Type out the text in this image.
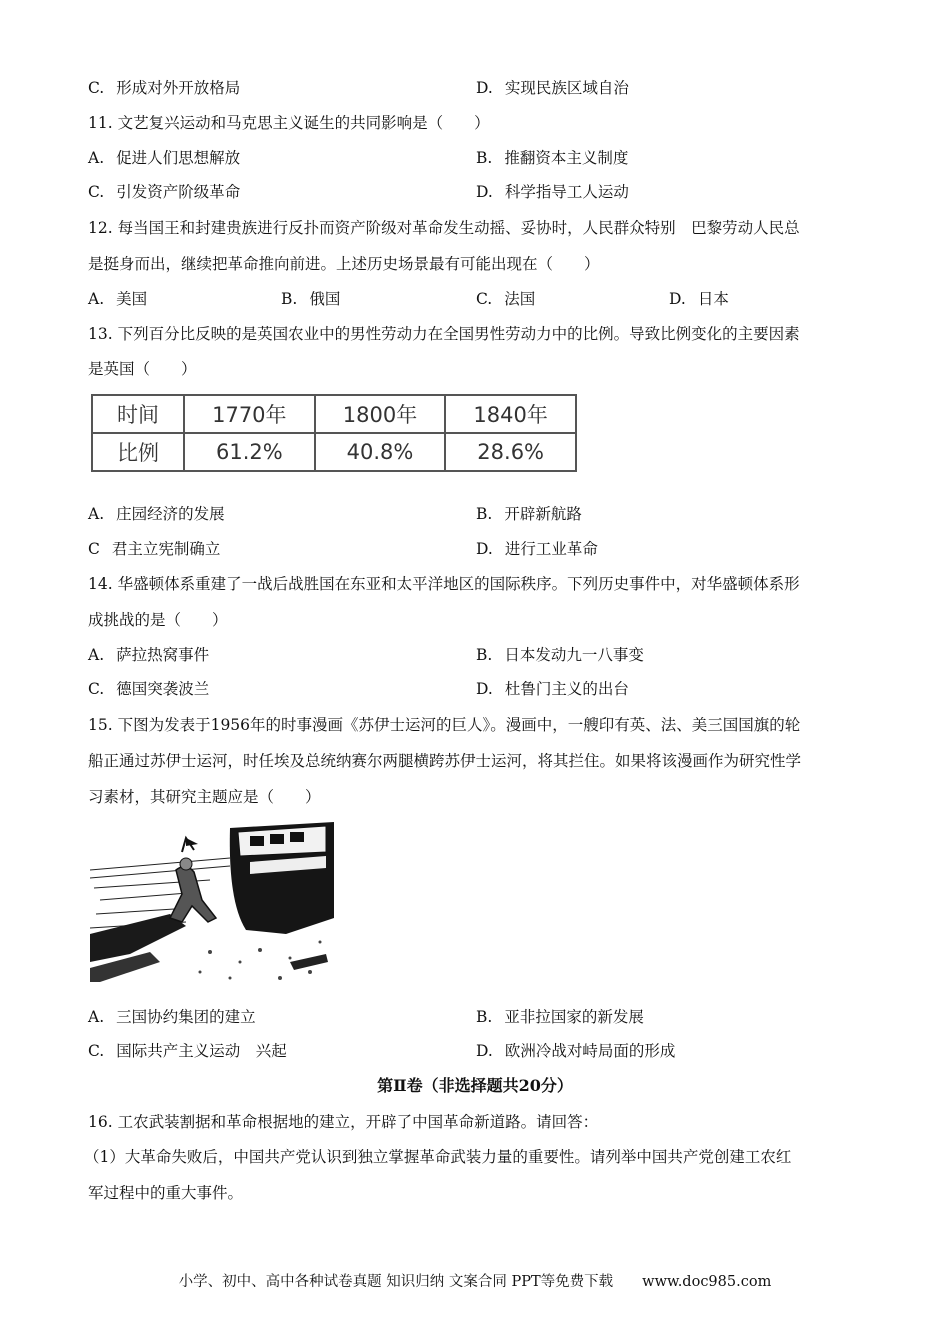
C. 形成对外开放格局	D. 实现民族区域自治
11. 文艺复兴运动和马克思主义诞生的共同影响是（　　）
A. 促进人们思想解放	B. 推翻资本主义制度
C. 引发资产阶级革命	D. 科学指导工人运动
12. 每当国王和封建贵族进行反扑而资产阶级对革命发生动摇、妥协时，人民群众特别　巴黎劳动人民总
是挺身而出，继续把革命推向前进。上述历史场景最有可能出现在（　　）
A. 美国	B. 俄国	C. 法国	D. 日本
13. 下列百分比反映的是英国农业中的男性劳动力在全国男性劳动力中的比例。导致比例变化的主要因素
是英国（　　）
时间	1770年	1800年	1840年
比例	61.2%	40.8%	28.6%
A. 庄园经济的发展	B. 开辟新航路
C 君主立宪制确立	D. 进行工业革命
14. 华盛顿体系重建了一战后战胜国在东亚和太平洋地区的国际秩序。下列历史事件中，对华盛顿体系形
成挑战的是（　　）
A. 萨拉热窝事件	B. 日本发动九一八事变
C. 德国突袭波兰	D. 杜鲁门主义的出台
15. 下图为发表于1956年的时事漫画《苏伊士运河的巨人》。漫画中，一艘印有英、法、美三国国旗的轮
船正通过苏伊士运河，时任埃及总统纳赛尔两腿横跨苏伊士运河，将其拦住。如果将该漫画作为研究性学
习素材，其研究主题应是（　　）
A. 三国协约集团的建立	B. 亚非拉国家的新发展
C. 国际共产主义运动　兴起	D. 欧洲冷战对峙局面的形成
第Ⅱ卷（非选择题共20分）
16. 工农武装割据和革命根据地的建立，开辟了中国革命新道路。请回答：
（1）大革命失败后，中国共产党认识到独立掌握革命武装力量的重要性。请列举中国共产党创建工农红
军过程中的重大事件。
小学、初中、高中各种试卷真题 知识归纳 文案合同 PPT等免费下载　　www.doc985.com
